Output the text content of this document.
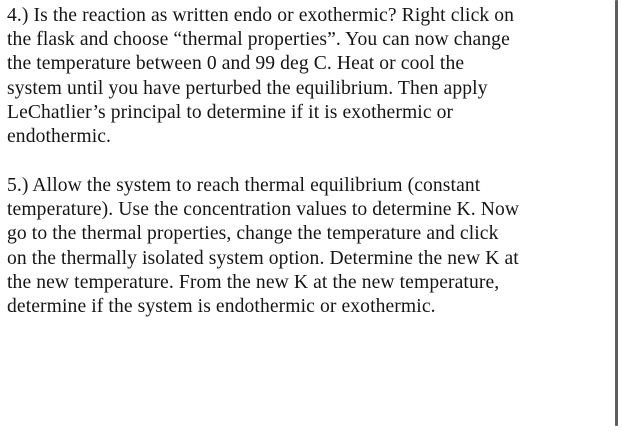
4.) Is the reaction as written endo or exothermic? Right click on
the flask and choose “thermal properties”. You can now change
the temperature between 0 and 99 deg C. Heat or cool the
system until you have perturbed the equilibrium. Then apply
LeChatlier’s principal to determine if it is exothermic or
endothermic.

5.) Allow the system to reach thermal equilibrium (constant
temperature). Use the concentration values to determine K. Now
go to the thermal properties, change the temperature and click
on the thermally isolated system option. Determine the new K at
the new temperature. From the new K at the new temperature,
determine if the system is endothermic or exothermic.
